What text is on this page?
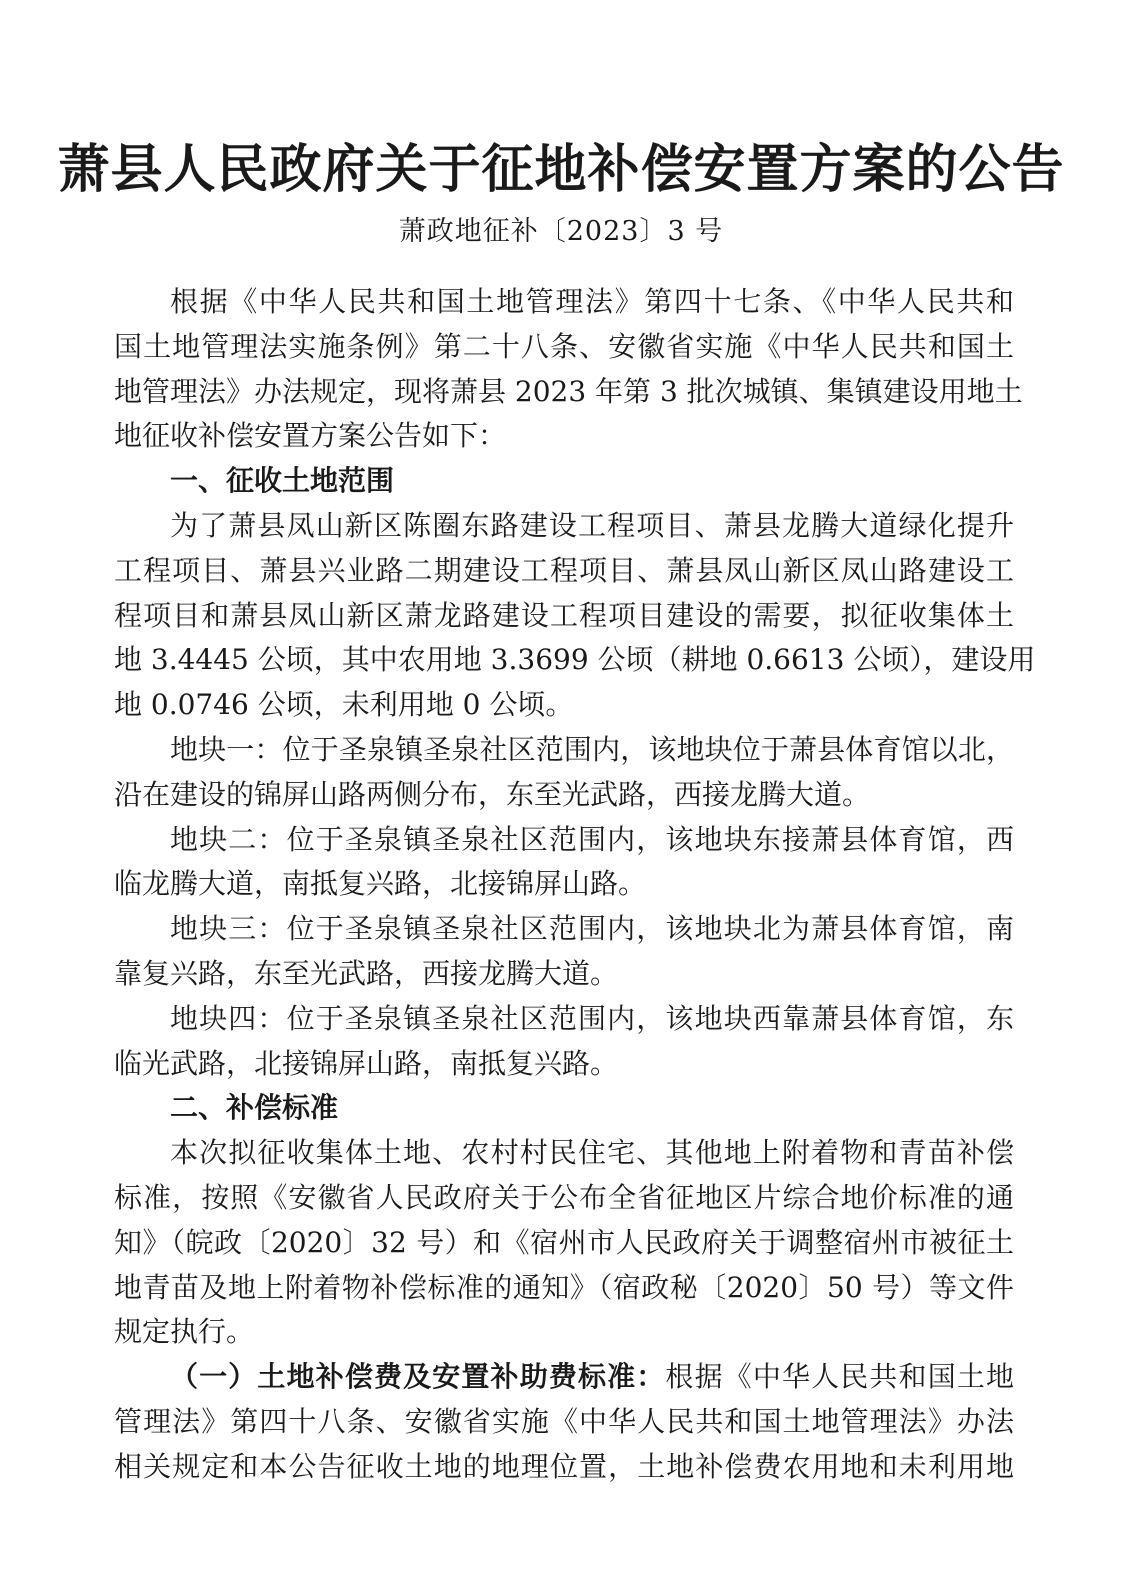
萧县人民政府关于征地补偿安置方案的公告
萧政地征补〔2023〕3 号
根据《中华人民共和国土地管理法》第四十七条、《中华人民共和
国土地管理法实施条例》第二十八条、安徽省实施《中华人民共和国土
地管理法》办法规定，现将萧县 2023 年第 3 批次城镇、集镇建设用地土
地征收补偿安置方案公告如下：
一、征收土地范围
为了萧县凤山新区陈圈东路建设工程项目、萧县龙腾大道绿化提升
工程项目、萧县兴业路二期建设工程项目、萧县凤山新区凤山路建设工
程项目和萧县凤山新区萧龙路建设工程项目建设的需要，拟征收集体土
地 3.4445 公顷，其中农用地 3.3699 公顷（耕地 0.6613 公顷），建设用
地 0.0746 公顷，未利用地 0 公顷。
地块一：位于圣泉镇圣泉社区范围内，该地块位于萧县体育馆以北，
沿在建设的锦屏山路两侧分布，东至光武路，西接龙腾大道。
地块二：位于圣泉镇圣泉社区范围内，该地块东接萧县体育馆，西
临龙腾大道，南抵复兴路，北接锦屏山路。
地块三：位于圣泉镇圣泉社区范围内，该地块北为萧县体育馆，南
靠复兴路，东至光武路，西接龙腾大道。
地块四：位于圣泉镇圣泉社区范围内，该地块西靠萧县体育馆，东
临光武路，北接锦屏山路，南抵复兴路。
二、补偿标准
本次拟征收集体土地、农村村民住宅、其他地上附着物和青苗补偿
标准，按照《安徽省人民政府关于公布全省征地区片综合地价标准的通
知》（皖政〔2020〕32 号）和《宿州市人民政府关于调整宿州市被征土
地青苗及地上附着物补偿标准的通知》（宿政秘〔2020〕50 号）等文件
规定执行。
（一）土地补偿费及安置补助费标准：根据《中华人民共和国土地
管理法》第四十八条、安徽省实施《中华人民共和国土地管理法》办法
相关规定和本公告征收土地的地理位置，土地补偿费农用地和未利用地
